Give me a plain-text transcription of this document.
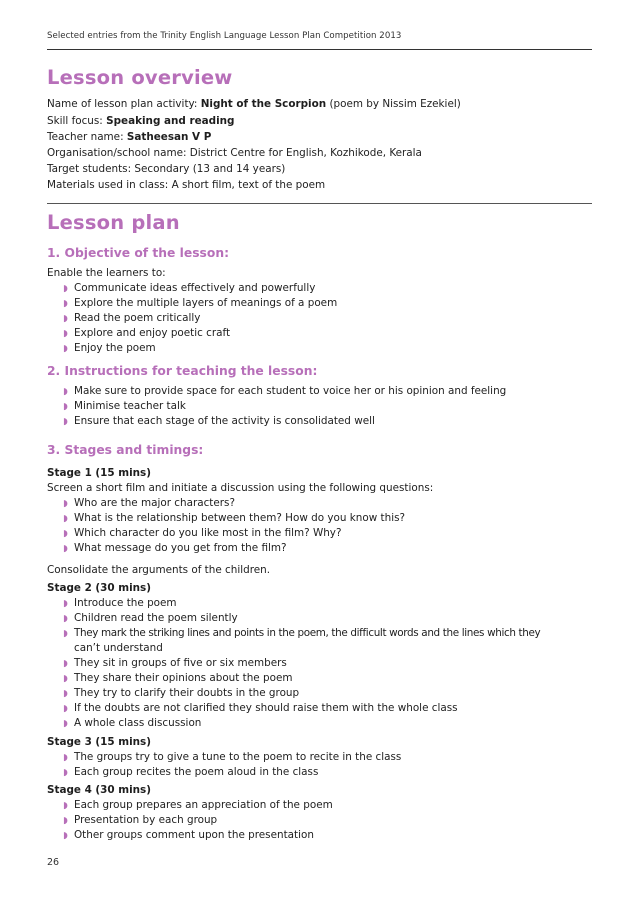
Selected entries from the Trinity English Language Lesson Plan Competition 2013
Lesson overview
Name of lesson plan activity: Night of the Scorpion (poem by Nissim Ezekiel)
Skill focus: Speaking and reading
Teacher name: Satheesan V P
Organisation/school name: District Centre for English, Kozhikode, Kerala
Target students: Secondary (13 and 14 years)
Materials used in class: A short film, text of the poem
Lesson plan
1. Objective of the lesson:
Enable the learners to:
◗ Communicate ideas effectively and powerfully
◗ Explore the multiple layers of meanings of a poem
◗ Read the poem critically
◗ Explore and enjoy poetic craft
◗ Enjoy the poem
2. Instructions for teaching the lesson:
◗ Make sure to provide space for each student to voice her or his opinion and feeling
◗ Minimise teacher talk
◗ Ensure that each stage of the activity is consolidated well
3. Stages and timings:
Stage 1 (15 mins)
Screen a short film and initiate a discussion using the following questions:
◗ Who are the major characters?
◗ What is the relationship between them? How do you know this?
◗ Which character do you like most in the film? Why?
◗ What message do you get from the film?
Consolidate the arguments of the children.
Stage 2 (30 mins)
◗ Introduce the poem
◗ Children read the poem silently
◗ They mark the striking lines and points in the poem, the difficult words and the lines which they
can’t understand
◗ They sit in groups of five or six members
◗ They share their opinions about the poem
◗ They try to clarify their doubts in the group
◗ If the doubts are not clarified they should raise them with the whole class
◗ A whole class discussion
Stage 3 (15 mins)
◗ The groups try to give a tune to the poem to recite in the class
◗ Each group recites the poem aloud in the class
Stage 4 (30 mins)
◗ Each group prepares an appreciation of the poem
◗ Presentation by each group
◗ Other groups comment upon the presentation
26
